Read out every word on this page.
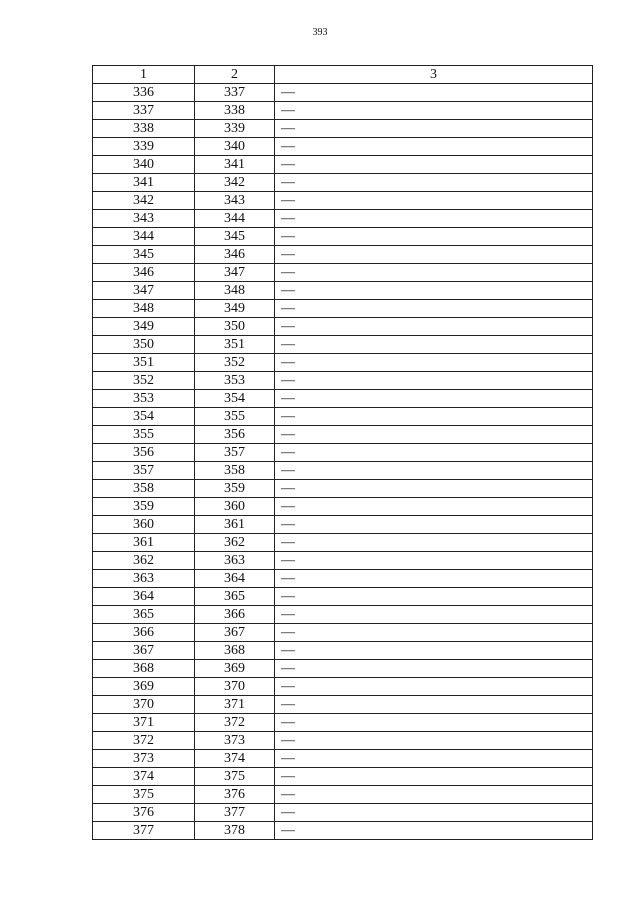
393
1	2	3
336	337	—
337	338	—
338	339	—
339	340	—
340	341	—
341	342	—
342	343	—
343	344	—
344	345	—
345	346	—
346	347	—
347	348	—
348	349	—
349	350	—
350	351	—
351	352	—
352	353	—
353	354	—
354	355	—
355	356	—
356	357	—
357	358	—
358	359	—
359	360	—
360	361	—
361	362	—
362	363	—
363	364	—
364	365	—
365	366	—
366	367	—
367	368	—
368	369	—
369	370	—
370	371	—
371	372	—
372	373	—
373	374	—
374	375	—
375	376	—
376	377	—
377	378	—
